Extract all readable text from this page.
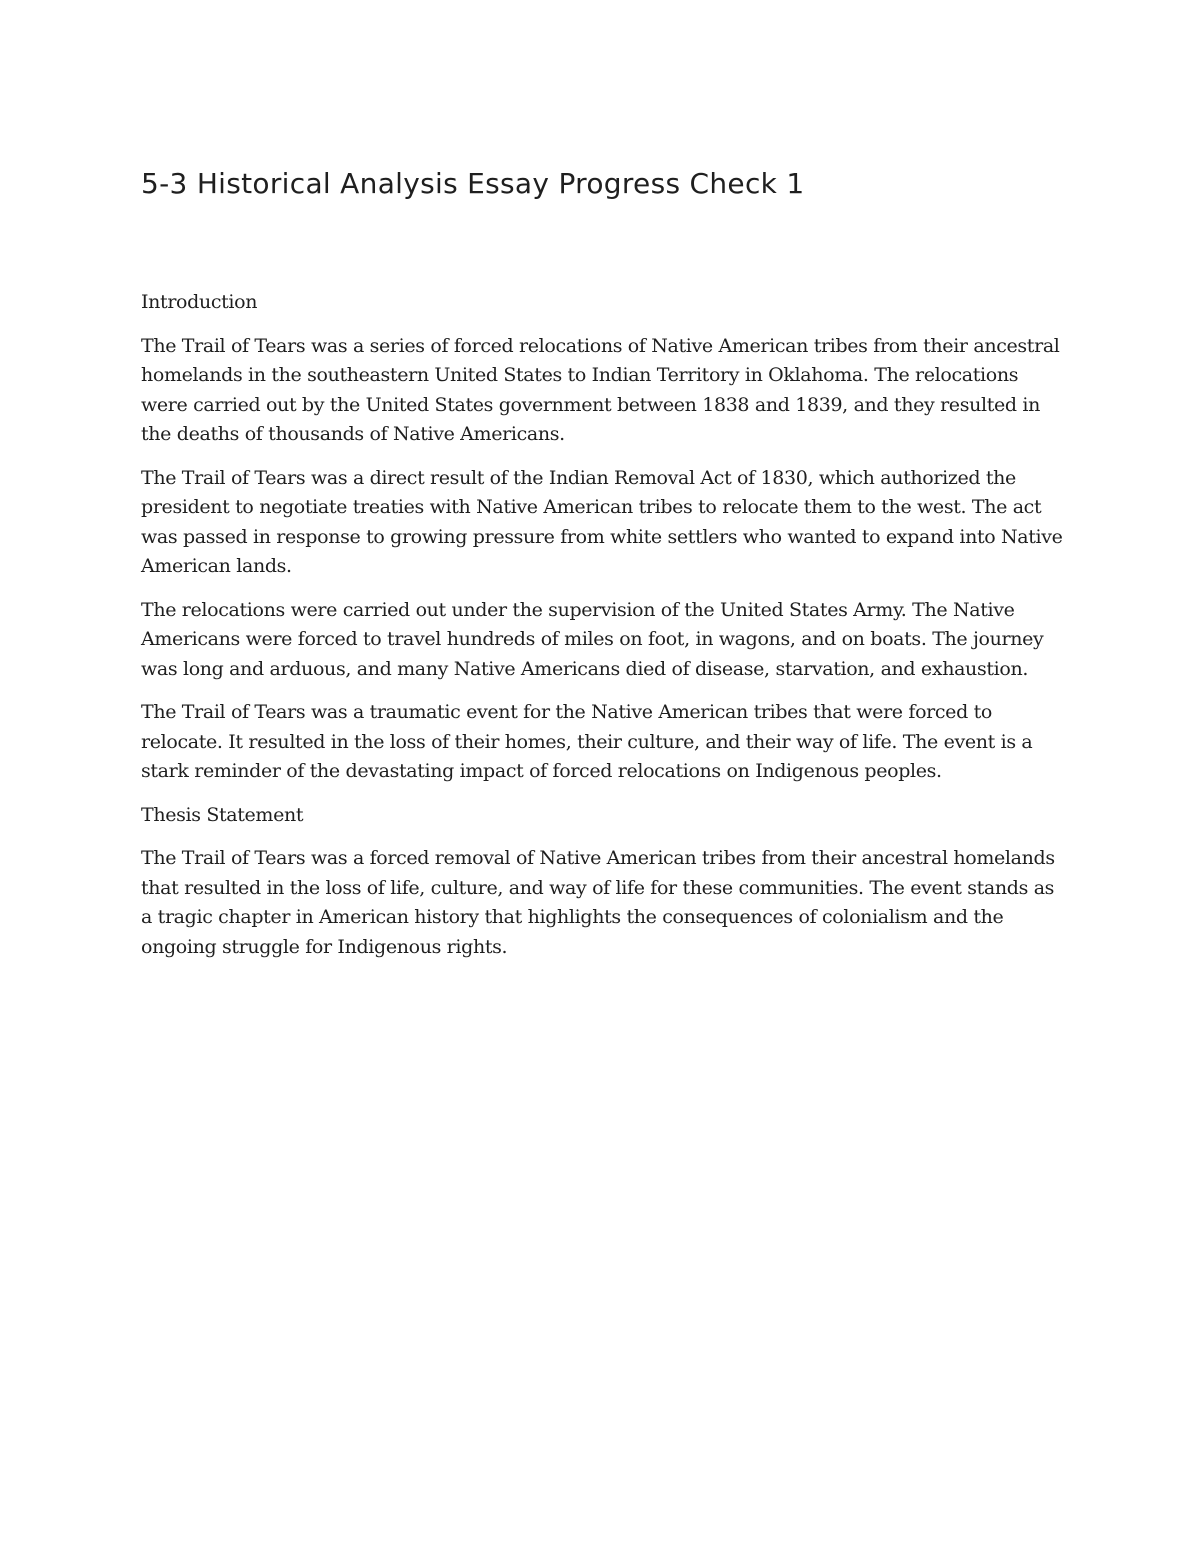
5-3 Historical Analysis Essay Progress Check 1
Introduction

The Trail of Tears was a series of forced relocations of Native American tribes from their ancestral homelands in the southeastern United States to Indian Territory in Oklahoma. The relocations were carried out by the United States government between 1838 and 1839, and they resulted in the deaths of thousands of Native Americans.

The Trail of Tears was a direct result of the Indian Removal Act of 1830, which authorized the president to negotiate treaties with Native American tribes to relocate them to the west. The act was passed in response to growing pressure from white settlers who wanted to expand into Native American lands.

The relocations were carried out under the supervision of the United States Army. The Native Americans were forced to travel hundreds of miles on foot, in wagons, and on boats. The journey was long and arduous, and many Native Americans died of disease, starvation, and exhaustion.

The Trail of Tears was a traumatic event for the Native American tribes that were forced to relocate. It resulted in the loss of their homes, their culture, and their way of life. The event is a stark reminder of the devastating impact of forced relocations on Indigenous peoples.

Thesis Statement

The Trail of Tears was a forced removal of Native American tribes from their ancestral homelands that resulted in the loss of life, culture, and way of life for these communities. The event stands as a tragic chapter in American history that highlights the consequences of colonialism and the ongoing struggle for Indigenous rights.
